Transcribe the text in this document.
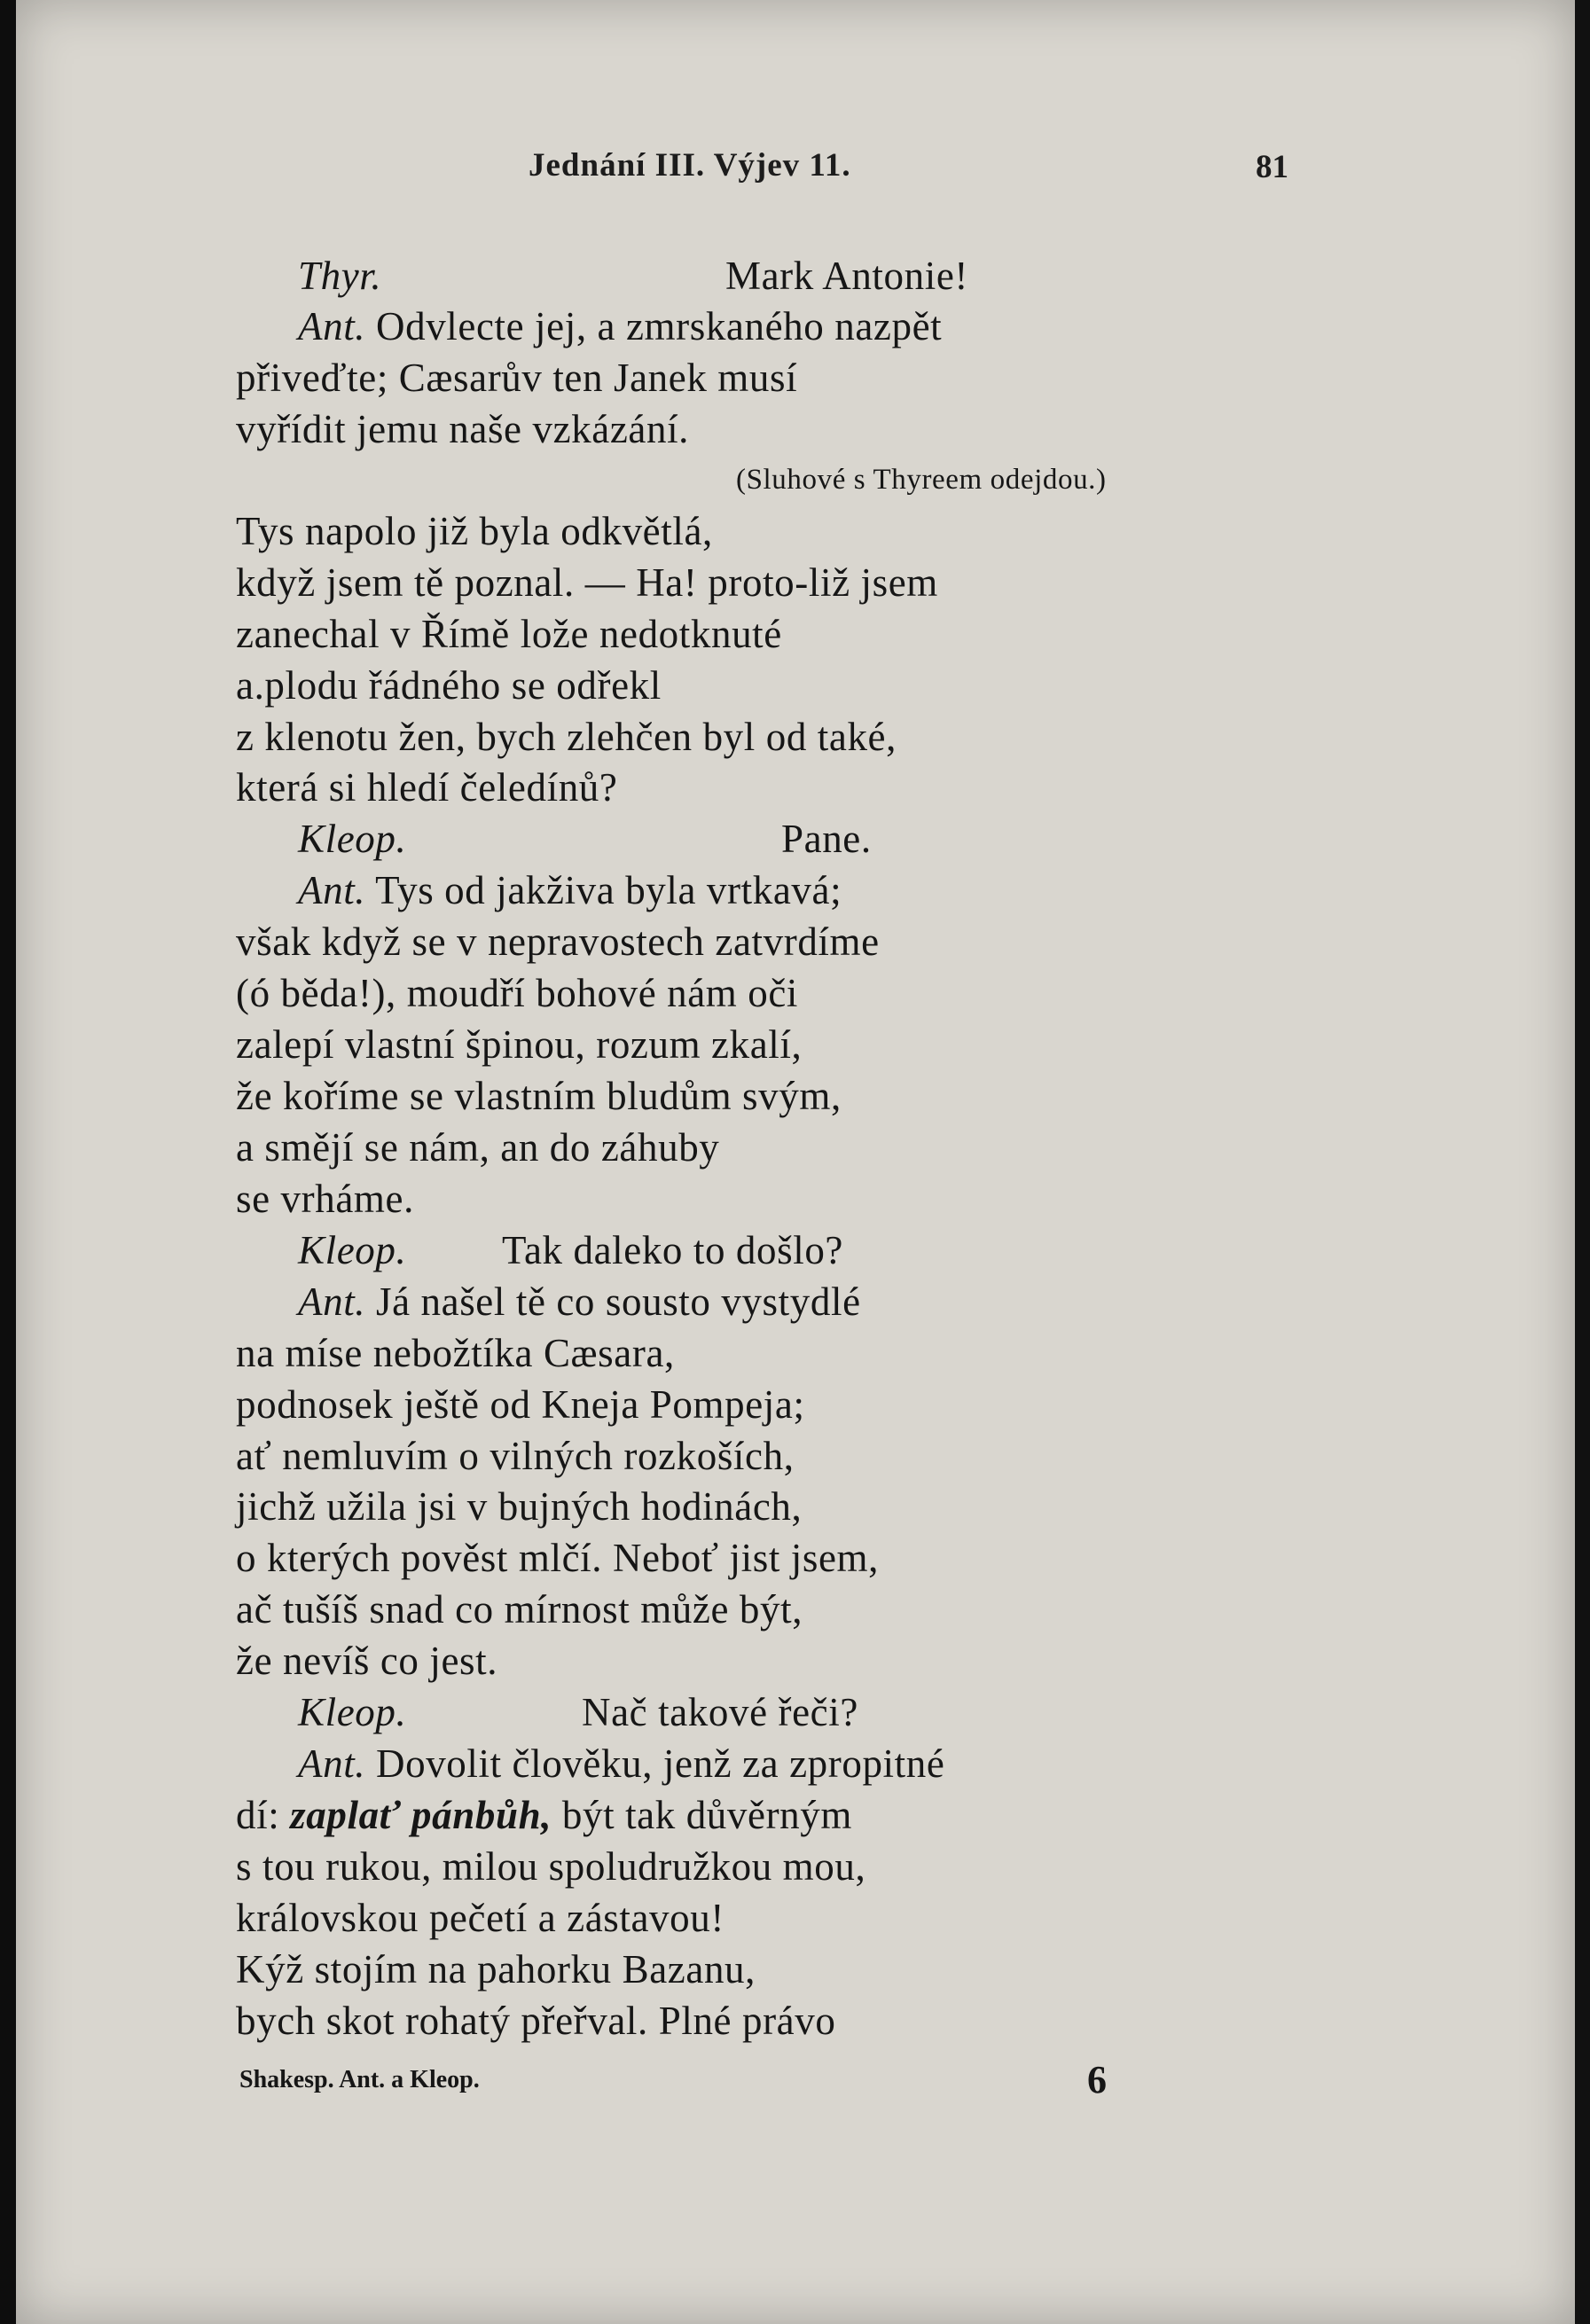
Jednání III. Výjev 11.	81
Thyr.	Mark Antonie!
Ant. Odvlecte jej, a zmrskaného nazpět
přiveďte; Cæsarův ten Janek musí
vyřídit jemu naše vzkázání.
(Sluhové s Thyreem odejdou.)
Tys napolo již byla odkvětlá,
když jsem tě poznal. — Ha! proto-liž jsem
zanechal v Římě lože nedotknuté
a.plodu řádného se odřekl
z klenotu žen, bych zlehčen byl od také,
která si hledí čeledínů?
Kleop.	Pane.
Ant. Tys od jakživa byla vrtkavá;
však když se v nepravostech zatvrdíme
(ó běda!), moudří bohové nám oči
zalepí vlastní špinou, rozum zkalí,
že koříme se vlastním bludům svým,
a smějí se nám, an do záhuby
se vrháme.
Kleop. Tak daleko to došlo?
Ant. Já našel tě co sousto vystydlé
na míse nebožtíka Cæsara,
podnosek ještě od Kneja Pompeja;
ať nemluvím o vilných rozkoších,
jichž užila jsi v bujných hodinách,
o kterých pověst mlčí. Neboť jist jsem,
ač tušíš snad co mírnost může být,
že nevíš co jest.
Kleop.	Nač takové řeči?
Ant. Dovolit člověku, jenž za zpropitné
dí: zaplať pánbůh, být tak důvěrným
s tou rukou, milou spoludružkou mou,
královskou pečetí a zástavou!
Kýž stojím na pahorku Bazanu,
bych skot rohatý přeřval. Plné právo
Shakesp. Ant. a Kleop.	6
